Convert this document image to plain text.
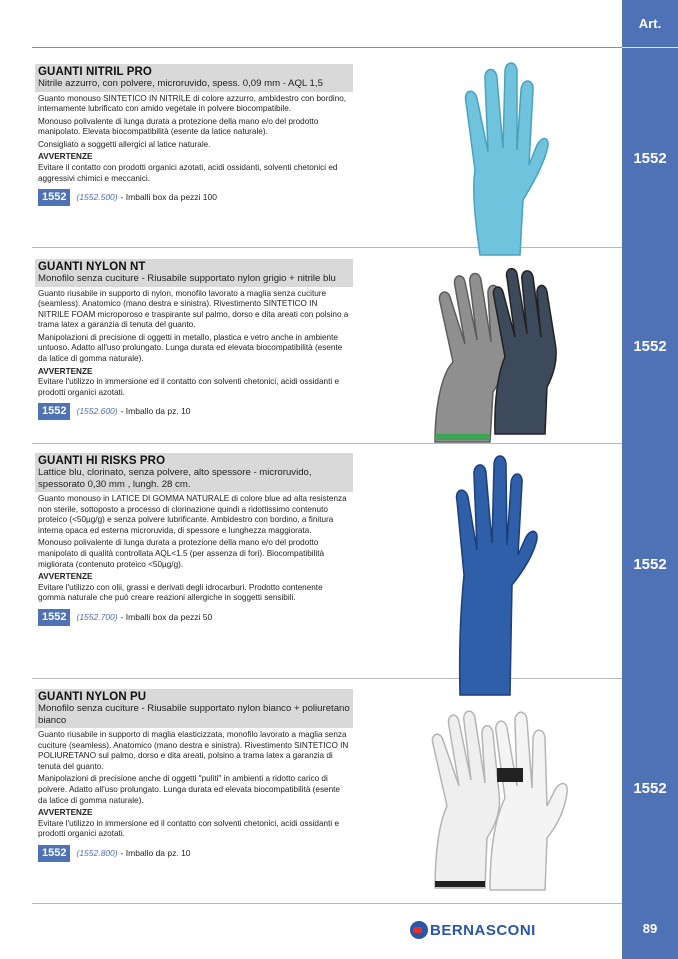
Art.
1552
1552
1552
1552
89
GUANTI NITRIL PRO
Nitrile azzurro, con polvere, microruvido, spess. 0,09 mm - AQL 1,5

Guanto monouso SINTETICO IN NITRILE di colore azzurro, ambidestro con bordino, internamente lubrificato con amido vegetale in polvere biocompatibile.

Monouso polivalente di lunga durata a protezione della mano e/o del prodotto manipolato. Elevata biocompatibilità (esente da latice naturale).

Consigliato a soggetti allergici al latice naturale.

AVVERTENZE

Evitare il contatto con prodotti organici azotati, acidi ossidanti, solventi chetonici ed aggressivi chimici e meccanici.

1552	(1552.500) - Imballi box da pezzi 100
GUANTI NYLON NT
Monofilo senza cuciture - Riusabile supportato nylon grigio + nitrile blu

Guanto riusabile in supporto di nylon, monofilo lavorato a maglia senza cuciture (seamless). Anatomico (mano destra e sinistra). Rivestimento SINTETICO IN NITRILE FOAM microporoso e traspirante sul palmo, dorso e dita areati con polsino a trama latex a garanzia di tenuta del guanto.

Manipolazioni di precisione di oggetti in metallo, plastica e vetro anche in ambiente untuoso. Adatto all'uso prolungato. Lunga durata ed elevata biocompatibilità (esente da latice di gomma naturale).

AVVERTENZE

Evitare l'utilizzo in immersione ed il contatto con solventi chetonici, acidi ossidanti e prodotti organici azotati.

1552	(1552.600) - Imballo da pz. 10
GUANTI HI RISKS PRO
Lattice blu, clorinato, senza polvere, alto spessore - microruvido, spessorato 0,30 mm , lungh. 28 cm.

Guanto monouso in LATICE DI GOMMA NATURALE di colore blue ad alta resistenza non sterile, sottoposto a processo di clorinazione quindi a ridottissimo contenuto proteico (<50µg/g) e senza polvere lubrificante. Ambidestro con bordino, a finitura interna opaca ed esterna microruvida, di spessore e lunghezza maggiorata.

Monouso polivalente di lunga durata a protezione della mano e/o del prodotto manipolato di qualità controllata AQL<1.5 (per assenza di fori). Biocompatibilità migliorata (contenuto proteico <50µg/g).

AVVERTENZE

Evitare l'utilizzo con olii, grassi e derivati degli idrocarburi. Prodotto contenente gomma naturale che può creare reazioni allergiche in soggetti sensibili.

1552	(1552.700) - Imballi box da pezzi 50
GUANTI NYLON PU
Monofilo senza cuciture - Riusabile supportato nylon bianco + poliuretano bianco

Guanto riusabile in supporto di maglia elasticizzata, monofilo lavorato a maglia senza cuciture (seamless). Anatomico (mano destra e sinistra). Rivestimento SINTETICO IN POLIURETANO sul palmo, dorso e dita areati, polsino a trama latex a garanzia di tenuta del guanto.

Manipolazioni di precisione anche di oggetti "puliti" in ambienti a ridotto carico di polvere. Adatto all'uso prolungato. Lunga durata ed elevata biocompatibilità (esente da latice di gomma naturale).

AVVERTENZE

Evitare l'utilizzo in immersione ed il contatto con solventi chetonici, acidi ossidanti e prodotti organici azotati.

1552	(1552.800) - Imballo da pz. 10
BERNASCONI
